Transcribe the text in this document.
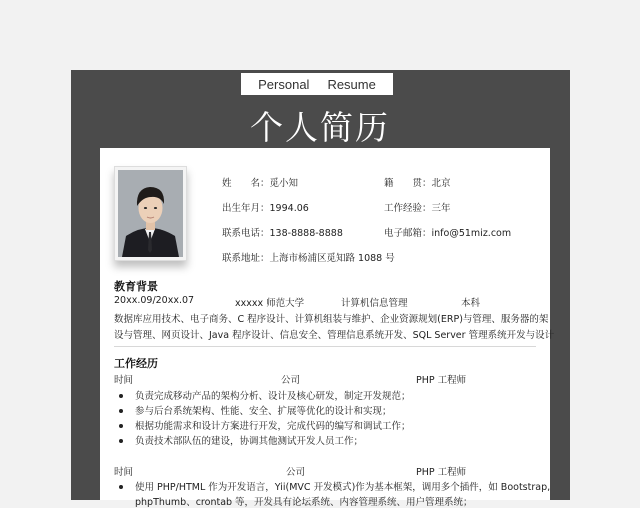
Personal Resume
个人简历
姓　　名：觅小知	籍　　贯：北京
出生年月：1994.06	工作经验：三年
联系电话：138-8888-8888	电子邮箱：info@51miz.com
联系地址：上海市杨浦区觅知路 1088 号
教育背景
20xx.09/20xx.07	xxxxx 师范大学	计算机信息管理	本科
数据库应用技术、电子商务、C 程序设计、计算机组装与维护、企业资源规划(ERP)与管理、服务器的架
设与管理、网页设计、Java 程序设计、信息安全、管理信息系统开发、SQL Server 管理系统开发与设计
工作经历
时间	公司	PHP 工程师
负责完成移动产品的架构分析、设计及核心研发，制定开发规范；
参与后台系统架构、性能、安全、扩展等优化的设计和实现；
根据功能需求和设计方案进行开发，完成代码的编写和调试工作；
负责技术部队伍的建设，协调其他测试开发人员工作；
时间	公司	PHP 工程师
使用 PHP/HTML 作为开发语言，Yii(MVC 开发模式)作为基本框架，调用多个插件，如 Bootstrap,
phpThumb、crontab 等，开发具有论坛系统、内容管理系统、用户管理系统；
